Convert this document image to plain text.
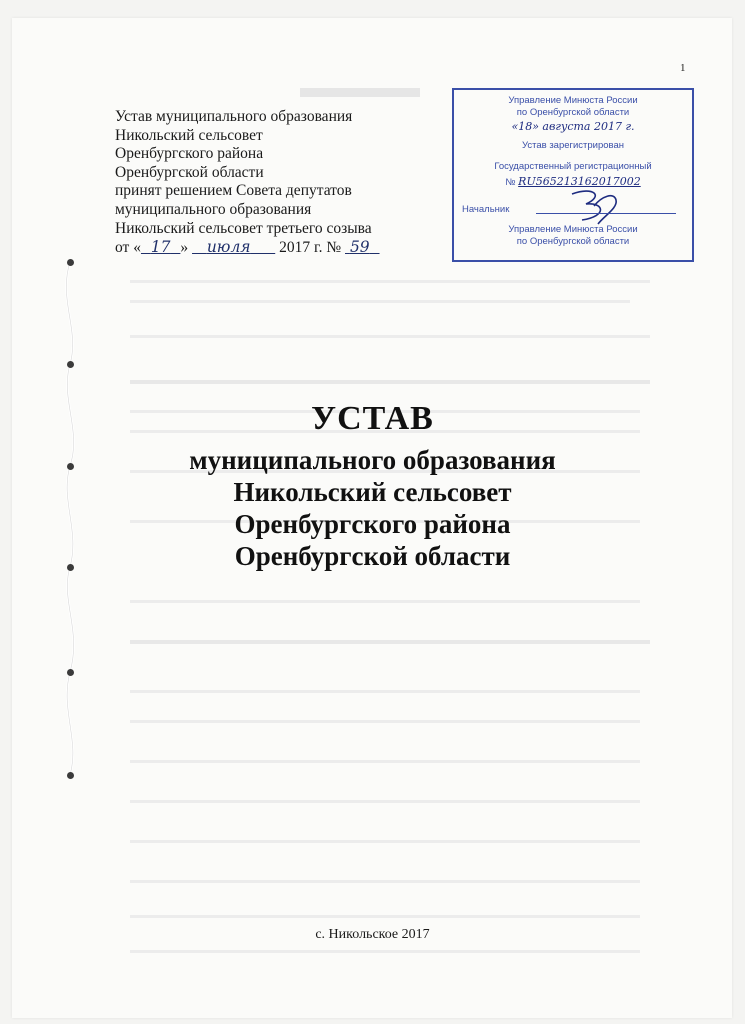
1
Устав муниципального образования
Никольский сельсовет
Оренбургского района
Оренбургской области
принят решением Совета депутатов
муниципального образования
Никольский сельсовет третьего созыва
от « 17 » июля 2017 г. № 59
Управление Минюста России
по Оренбургской области
«18» августа 2017 г.
Устав зарегистрирован
Государственный регистрационный
№ RU565213162017002
Начальник
Управление Минюста России
по Оренбургской области
УСТАВ
муниципального образования
Никольский сельсовет
Оренбургского района
Оренбургской области
с. Никольское 2017
